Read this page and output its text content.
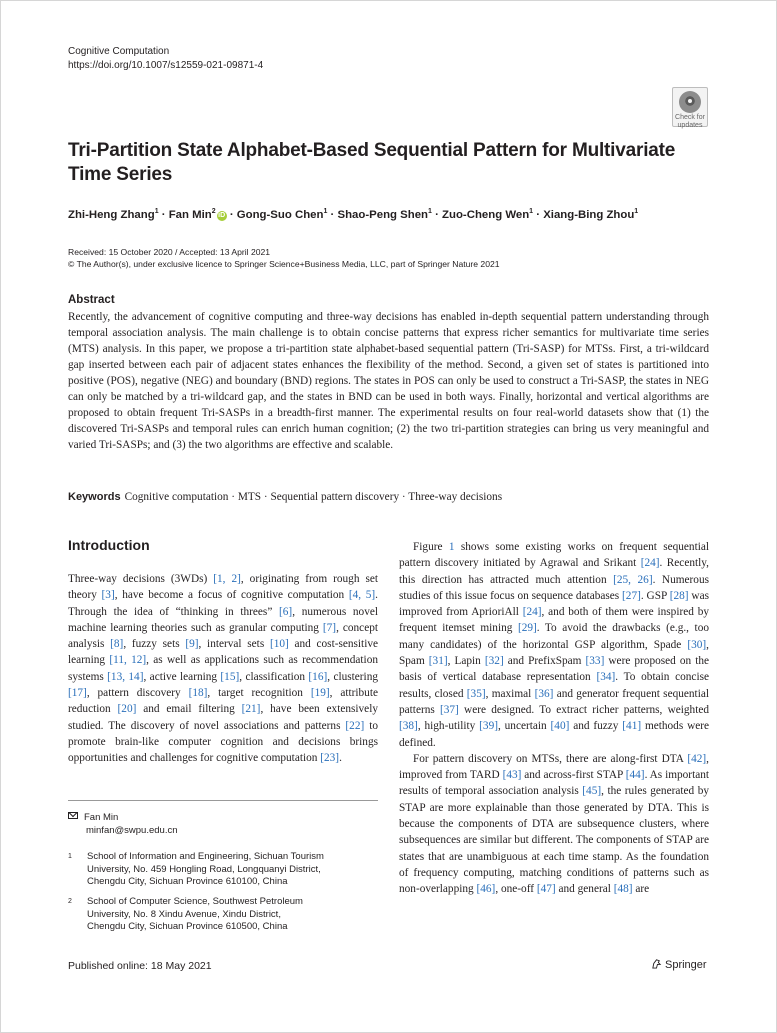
Cognitive Computation
https://doi.org/10.1007/s12559-021-09871-4
Check for
updates
Tri-Partition State Alphabet-Based Sequential Pattern for Multivariate Time Series
Zhi-Heng Zhang$^1$ · Fan Min$^2$iD · Gong-Suo Chen$^1$ · Shao-Peng Shen$^1$ · Zuo-Cheng Wen$^1$ · Xiang-Bing Zhou$^1$
Received: 15 October 2020 / Accepted: 13 April 2021
© The Author(s), under exclusive licence to Springer Science+Business Media, LLC, part of Springer Nature 2021
Abstract
Recently, the advancement of cognitive computing and three-way decisions has enabled in-depth sequential pattern understanding through temporal association analysis. The main challenge is to obtain concise patterns that express richer semantics for multivariate time series (MTS) analysis. In this paper, we propose a tri-partition state alphabet-based sequential pattern (Tri-SASP) for MTSs. First, a tri-wildcard gap inserted between each pair of adjacent states enhances the flexibility of the method. Second, a given set of states is partitioned into positive (POS), negative (NEG) and boundary (BND) regions. The states in POS can only be used to construct a Tri-SASP, the states in NEG can only be matched by a tri-wildcard gap, and the states in BND can be used in both ways. Finally, horizontal and vertical algorithms are proposed to obtain frequent Tri-SASPs in a breadth-first manner. The experimental results on four real-world datasets show that (1) the discovered Tri-SASPs and temporal rules can enrich human cognition; (2) the two tri-partition strategies can bring us very meaningful and varied Tri-SASPs; and (3) the two algorithms are effective and scalable.
Keywords Cognitive computation · MTS · Sequential pattern discovery · Three-way decisions
Introduction

Three-way decisions (3WDs) [1, 2], originating from rough set theory [3], have become a focus of cognitive computation [4, 5]. Through the idea of “thinking in threes” [6], numerous novel machine learning theories such as granular computing [7], concept analysis [8], fuzzy sets [9], interval sets [10] and cost-sensitive learning [11, 12], as well as applications such as recommendation systems [13, 14], active learning [15], classification [16], clustering [17], pattern discovery [18], target recognition [19], attribute reduction [20] and email filtering [21], have been extensively studied. The discovery of novel associations and patterns [22] to promote brain-like computer cognition and decisions brings opportunities and challenges for cognitive computation [23].

Figure 1 shows some existing works on frequent sequential pattern discovery initiated by Agrawal and Srikant [24]. Recently, this direction has attracted much attention [25, 26]. Numerous studies of this issue focus on sequence databases [27]. GSP [28] was improved from AprioriAll [24], and both of them were inspired by frequent itemset mining [29]. To avoid the drawbacks (e.g., too many candidates) of the horizontal GSP algorithm, Spade [30], Spam [31], Lapin [32] and PrefixSpam [33] were proposed on the basis of vertical database representation [34]. To obtain concise results, closed [35], maximal [36] and generator frequent sequential patterns [37] were designed. To extract richer patterns, weighted [38], high-utility [39], uncertain [40] and fuzzy [41] methods were defined.

For pattern discovery on MTSs, there are along-first DTA [42], improved from TARD [43] and across-first STAP [44]. As important results of temporal association analysis [45], the rules generated by STAP are more explainable than those generated by DTA. This is because the components of DTA are subsequence clusters, where subsequences are similar but different. The components of STAP are states that are unambiguous at each time stamp. As the foundation of frequency computing, matching conditions of patterns such as non-overlapping [46], one-off [47] and general [48] are

Fan Min
minfan@swpu.edu.cn
1 School of Information and Engineering, Sichuan Tourism
University, No. 459 Hongling Road, Longquanyi District,
Chengdu City, Sichuan Province 610100, China
2 School of Computer Science, Southwest Petroleum
University, No. 8 Xindu Avenue, Xindu District,
Chengdu City, Sichuan Province 610500, China
Published online: 18 May 2021	Springer
